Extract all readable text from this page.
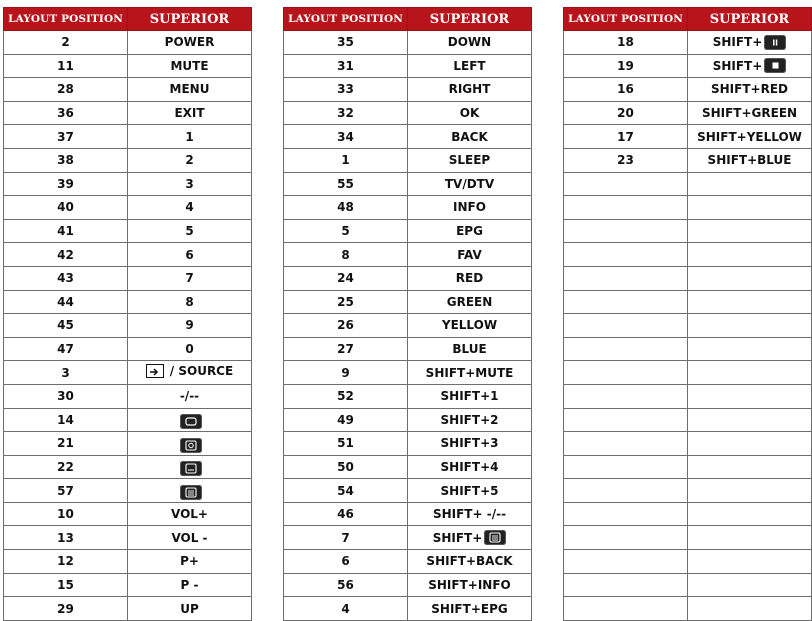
LAYOUT POSITION	SUPERIOR
2	POWER

11	MUTE

28	MENU

36	EXIT

37	1

38	2

39	3

40	4

41	5

42	6

43	7

44	8

45	9

47	0

3	/ SOURCE

30	-/--

14	

21	

22	

57	

10	VOL+

13	VOL -

12	P+

15	P -

29	UP
LAYOUT POSITION	SUPERIOR
35	DOWN

31	LEFT

33	RIGHT

32	OK

34	BACK

1	SLEEP

55	TV/DTV

48	INFO

5	EPG

8	FAV

24	RED

25	GREEN

26	YELLOW

27	BLUE

9	SHIFT+MUTE

52	SHIFT+1

49	SHIFT+2

51	SHIFT+3

50	SHIFT+4

54	SHIFT+5

46	SHIFT+ -/--

7	SHIFT+

6	SHIFT+BACK

56	SHIFT+INFO

4	SHIFT+EPG
LAYOUT POSITION	SUPERIOR
18	SHIFT+

19	SHIFT+

16	SHIFT+RED

20	SHIFT+GREEN

17	SHIFT+YELLOW

23	SHIFT+BLUE
